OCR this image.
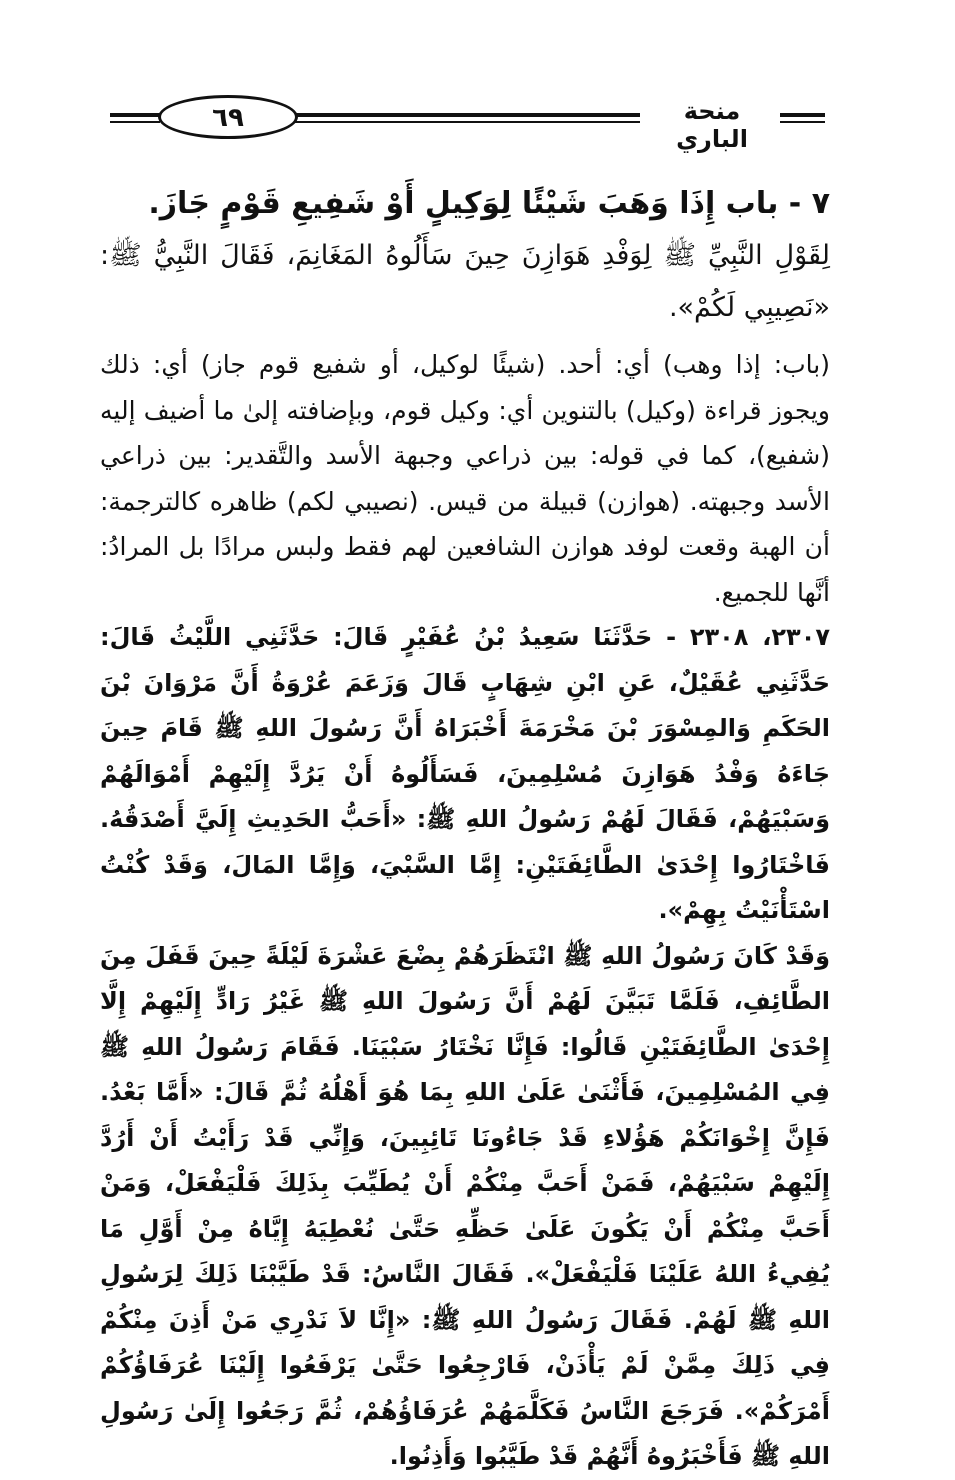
منحة الباري
٦٩

٧ - باب إِذَا وَهَبَ شَيْئًا لِوَكِيلٍ أَوْ شَفِيعِ قَوْمٍ جَازَ.

لِقَوْلِ النَّبِيِّ ﷺ لِوَفْدِ هَوَازِنَ حِينَ سَأَلُوهُ المَغَانِمَ، فَقَالَ النَّبِيُّ ﷺ: «نَصِيبِي لَكُمْ».

(باب: إذا وهب) أي: أحد. (شيئًا لوكيل، أو شفيع قوم جاز) أي: ذلك ويجوز قراءة (وكيل) بالتنوين أي: وكيل قوم، وبإضافته إلىٰ ما أضيف إليه (شفيع)، كما في قوله: بين ذراعي وجبهة الأسد والتَّقدير: بين ذراعي الأسد وجبهته. (هوازن) قبيلة من قيس. (نصيبي لكم) ظاهره كالترجمة: أن الهبة وقعت لوفد هوازن الشافعين لهم فقط ولبس مرادًا بل المرادُ: أنَّها للجميع.

٢٣٠٧، ٢٣٠٨ - حَدَّثَنَا سَعِيدُ بْنُ عُفَيْرٍ قَالَ: حَدَّثَنِي اللَّيْثُ قَالَ: حَدَّثَنِي عُقَيْلٌ، عَنِ ابْنِ شِهَابٍ قَالَ وَزَعَمَ عُرْوَةُ أَنَّ مَرْوَانَ بْنَ الحَكَمِ وَالمِسْوَرَ بْنَ مَخْرَمَةَ أَخْبَرَاهُ أَنَّ رَسُولَ اللهِ ﷺ قَامَ حِينَ جَاءَهُ وَفْدُ هَوَازِنَ مُسْلِمِينَ، فَسَأَلُوهُ أَنْ يَرُدَّ إِلَيْهِمْ أَمْوَالَهُمْ وَسَبْيَهُمْ، فَقَالَ لَهُمْ رَسُولُ اللهِ ﷺ: «أَحَبُّ الحَدِيثِ إِلَيَّ أَصْدَقُهُ. فَاخْتَارُوا إِحْدَىٰ الطَّائِفَتَيْنِ: إِمَّا السَّبْيَ، وَإِمَّا المَالَ، وَقَدْ كُنْتُ اسْتَأْنَيْتُ بِهِمْ».

وَقَدْ كَانَ رَسُولُ اللهِ ﷺ انْتَظَرَهُمْ بِضْعَ عَشْرَةَ لَيْلَةً حِينَ قَفَلَ مِنَ الطَّائِفِ، فَلَمَّا تَبَيَّنَ لَهُمْ أَنَّ رَسُولَ اللهِ ﷺ غَيْرُ رَادٍّ إِلَيْهِمْ إِلَّا إِحْدَىٰ الطَّائِفَتَيْنِ قَالُوا: فَإِنَّا نَخْتَارُ سَبْيَنَا. فَقَامَ رَسُولُ اللهِ ﷺ فِي المُسْلِمِينَ، فَأَثْنَىٰ عَلَىٰ اللهِ بِمَا هُوَ أَهْلُهُ ثُمَّ قَالَ: «أَمَّا بَعْدُ. فَإِنَّ إِخْوَانَكُمْ هَؤُلاءِ قَدْ جَاءُونَا تَائِبِينَ، وَإِنِّي قَدْ رَأَيْتُ أَنْ أَرُدَّ إِلَيْهِمْ سَبْيَهُمْ، فَمَنْ أَحَبَّ مِنْكُمْ أَنْ يُطَيِّبَ بِذَلِكَ فَلْيَفْعَلْ، وَمَنْ أَحَبَّ مِنْكُمْ أَنْ يَكُونَ عَلَىٰ حَظِّهِ حَتَّىٰ نُعْطِيَهُ إِيَّاهُ مِنْ أَوَّلِ مَا يُفِيءُ اللهُ عَلَيْنَا فَلْيَفْعَلْ». فَقَالَ النَّاسُ: قَدْ طَيَّبْنَا ذَلِكَ لِرَسُولِ اللهِ ﷺ لَهُمْ. فَقَالَ رَسُولُ اللهِ ﷺ: «إِنَّا لاَ نَدْرِي مَنْ أَذِنَ مِنْكُمْ فِي ذَلِكَ مِمَّنْ لَمْ يَأْذَنْ، فَارْجِعُوا حَتَّىٰ يَرْفَعُوا إِلَيْنَا عُرَفَاؤُكُمْ أَمْرَكُمْ». فَرَجَعَ النَّاسُ فَكَلَّمَهُمْ عُرَفَاؤُهُمْ، ثُمَّ رَجَعُوا إِلَىٰ رَسُولِ اللهِ ﷺ فَأَخْبَرُوهُ أَنَّهُمْ قَدْ طَيَّبُوا وَأَذِنُوا.
